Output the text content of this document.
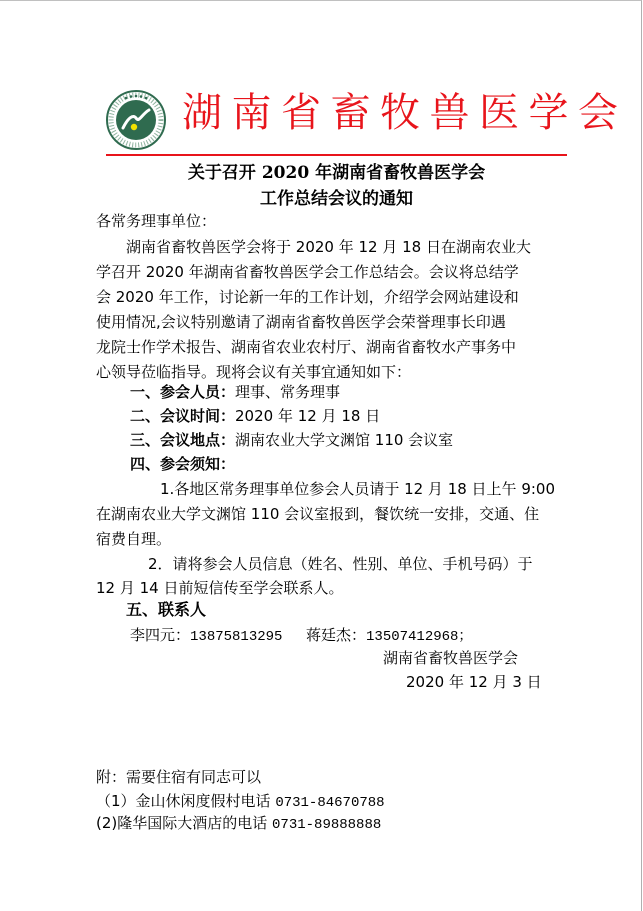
湖南省畜牧兽医学会
关于召开 2020 年湖南省畜牧兽医学会
工作总结会议的通知
各常务理事单位：
湖南省畜牧兽医学会将于 2020 年 12 月 18 日在湖南农业大
学召开 2020 年湖南省畜牧兽医学会工作总结会。会议将总结学
会 2020 年工作，讨论新一年的工作计划，介绍学会网站建设和
使用情况,会议特别邀请了湖南省畜牧兽医学会荣誉理事长印遇
龙院士作学术报告、湖南省农业农村厅、湖南省畜牧水产事务中
心领导莅临指导。现将会议有关事宜通知如下：
一、参会人员：理事、常务理事
二、会议时间：2020 年 12 月 18 日
三、会议地点：湖南农业大学文渊馆 110 会议室
四、参会须知：
1.各地区常务理事单位参会人员请于 12 月 18 日上午 9:00
在湖南农业大学文渊馆 110 会议室报到，餐饮统一安排，交通、住
宿费自理。
2．请将参会人员信息（姓名、性别、单位、手机号码）于
12 月 14 日前短信传至学会联系人。
五、联系人
李四元：13875813295 蒋廷杰：13507412968；
湖南省畜牧兽医学会
2020 年 12 月 3 日
附：需要住宿有同志可以
（1）金山休闲度假村电话 0731-84670788
(2)隆华国际大酒店的电话 0731-89888888
